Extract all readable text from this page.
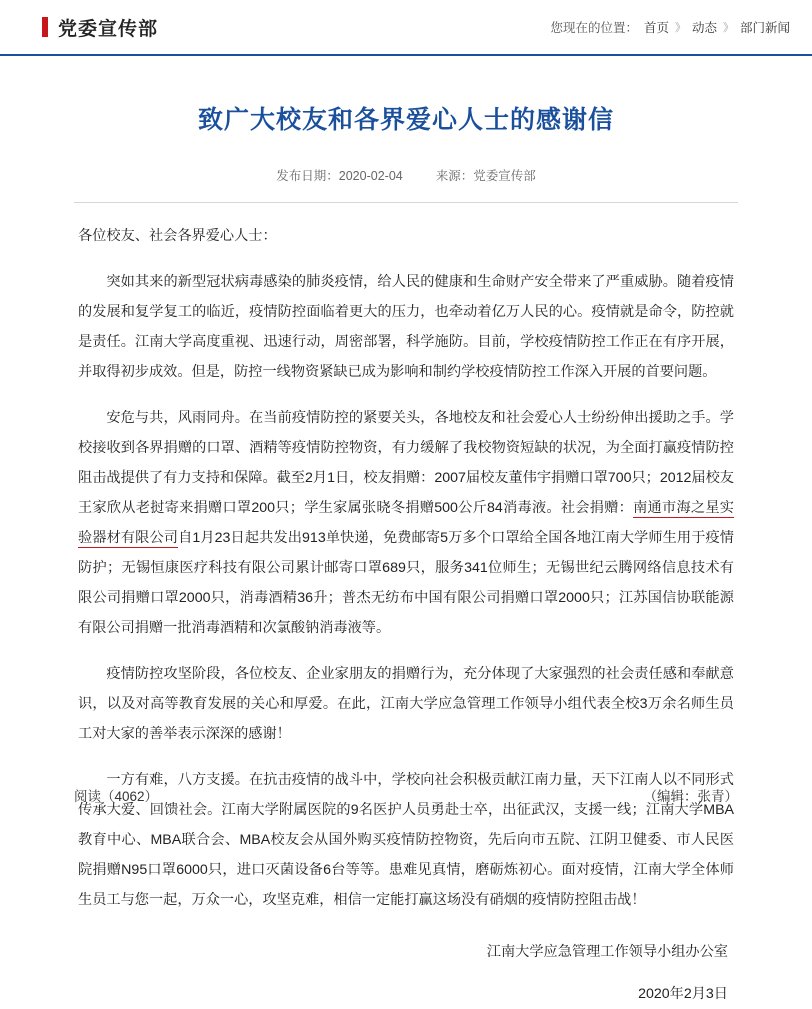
党委宣传部	您现在的位置： 首页 》 动态 》 部门新闻
致广大校友和各界爱心人士的感谢信
发布日期：2020-02-04	来源：党委宣传部

各位校友、社会各界爱心人士：

突如其来的新型冠状病毒感染的肺炎疫情，给人民的健康和生命财产安全带来了严重威胁。随着疫情的发展和复学复工的临近，疫情防控面临着更大的压力，也牵动着亿万人民的心。疫情就是命令，防控就是责任。江南大学高度重视、迅速行动，周密部署，科学施防。目前，学校疫情防控工作正在有序开展，并取得初步成效。但是，防控一线物资紧缺已成为影响和制约学校疫情防控工作深入开展的首要问题。

安危与共，风雨同舟。在当前疫情防控的紧要关头，各地校友和社会爱心人士纷纷伸出援助之手。学校接收到各界捐赠的口罩、酒精等疫情防控物资，有力缓解了我校物资短缺的状况，为全面打赢疫情防控阻击战提供了有力支持和保障。截至2月1日，校友捐赠：2007届校友董伟宇捐赠口罩700只；2012届校友王家欣从老挝寄来捐赠口罩200只；学生家属张晓冬捐赠500公斤84消毒液。社会捐赠：南通市海之星实验器材有限公司自1月23日起共发出913单快递，免费邮寄5万多个口罩给全国各地江南大学师生用于疫情防护；无锡恒康医疗科技有限公司累计邮寄口罩689只，服务341位师生；无锡世纪云腾网络信息技术有限公司捐赠口罩2000只，消毒酒精36升；普杰无纺布中国有限公司捐赠口罩2000只；江苏国信协联能源有限公司捐赠一批消毒酒精和次氯酸钠消毒液等。

疫情防控攻坚阶段，各位校友、企业家朋友的捐赠行为，充分体现了大家强烈的社会责任感和奉献意识，以及对高等教育发展的关心和厚爱。在此，江南大学应急管理工作领导小组代表全校3万余名师生员工对大家的善举表示深深的感谢！

一方有难，八方支援。在抗击疫情的战斗中，学校向社会积极贡献江南力量，天下江南人以不同形式传承大爱、回馈社会。江南大学附属医院的9名医护人员勇赴士卒，出征武汉，支援一线；江南大学MBA教育中心、MBA联合会、MBA校友会从国外购买疫情防控物资，先后向市五院、江阴卫健委、市人民医院捐赠N95口罩6000只，进口灭菌设备6台等等。患难见真情，磨砺炼初心。面对疫情，江南大学全体师生员工与您一起，万众一心，攻坚克难，相信一定能打赢这场没有硝烟的疫情防控阻击战！

江南大学应急管理工作领导小组办公室
2020年2月3日
阅读（4062）	（编辑：张青）
